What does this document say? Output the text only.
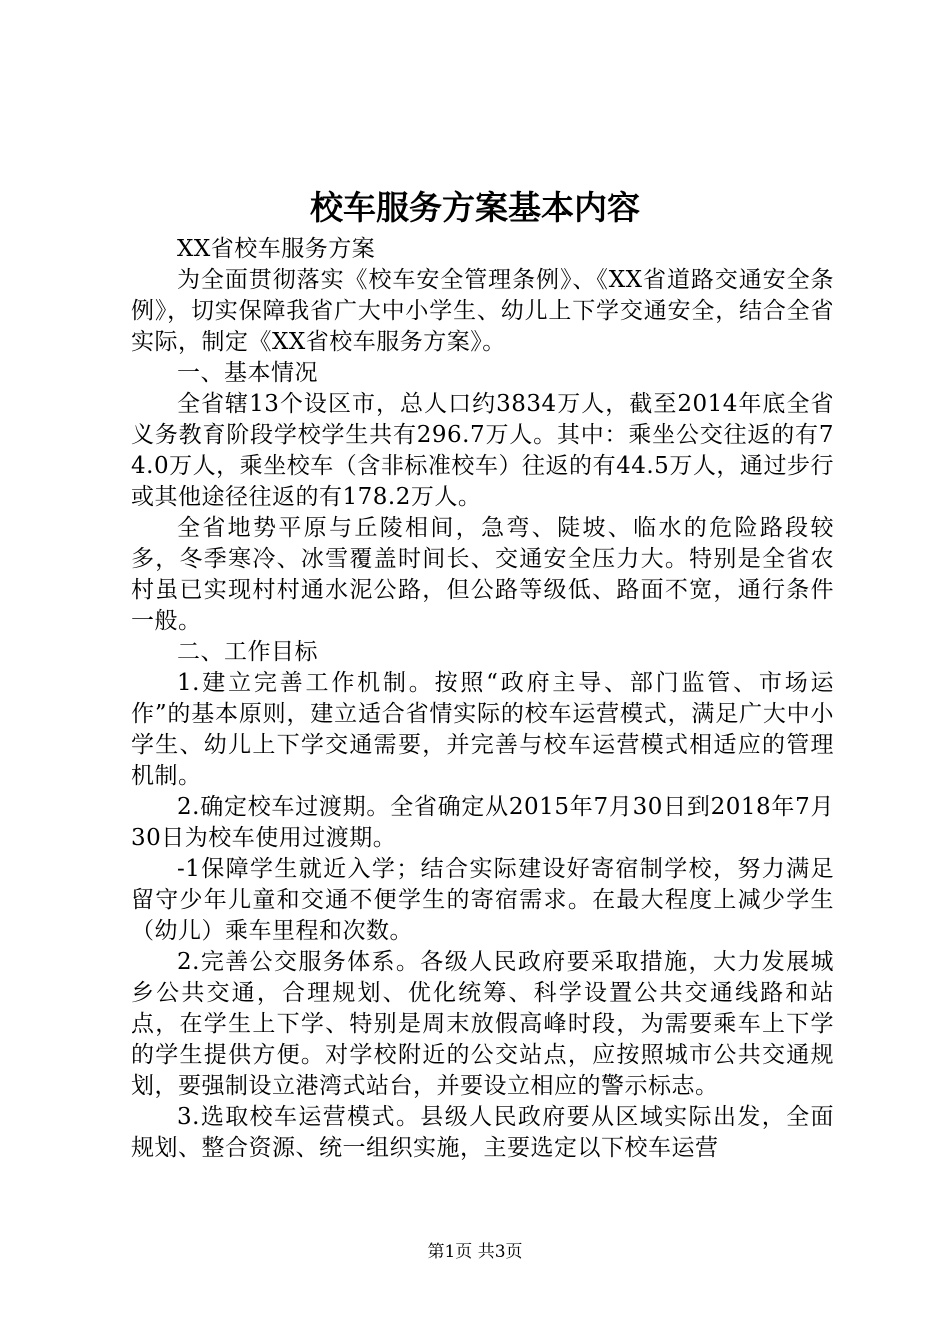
校车服务方案基本内容

XX省校车服务方案

为全面贯彻落实《校车安全管理条例》、《XX省道路交通安全条例》，切实保障我省广大中小学生、幼儿上下学交通安全，结合全省实际，制定《XX省校车服务方案》。

一、基本情况

全省辖13个设区市，总人口约3834万人，截至2014年底全省义务教育阶段学校学生共有296.7万人。其中：乘坐公交往返的有74.0万人，乘坐校车（含非标准校车）往返的有44.5万人，通过步行或其他途径往返的有178.2万人。

全省地势平原与丘陵相间，急弯、陡坡、临水的危险路段较多，冬季寒冷、冰雪覆盖时间长、交通安全压力大。特别是全省农村虽已实现村村通水泥公路，但公路等级低、路面不宽，通行条件一般。

二、工作目标

1.建立完善工作机制。按照“政府主导、部门监管、市场运作”的基本原则，建立适合省情实际的校车运营模式，满足广大中小学生、幼儿上下学交通需要，并完善与校车运营模式相适应的管理机制。

2.确定校车过渡期。全省确定从2015年7月30日到2018年7月30日为校车使用过渡期。

-1保障学生就近入学；结合实际建设好寄宿制学校，努力满足留守少年儿童和交通不便学生的寄宿需求。在最大程度上减少学生（幼儿）乘车里程和次数。

2.完善公交服务体系。各级人民政府要采取措施，大力发展城乡公共交通，合理规划、优化统筹、科学设置公共交通线路和站点，在学生上下学、特别是周末放假高峰时段，为需要乘车上下学的学生提供方便。对学校附近的公交站点，应按照城市公共交通规划，要强制设立港湾式站台，并要设立相应的警示标志。

3.选取校车运营模式。县级人民政府要从区域实际出发，全面规划、整合资源、统一组织实施，主要选定以下校车运营

第1页 共3页
